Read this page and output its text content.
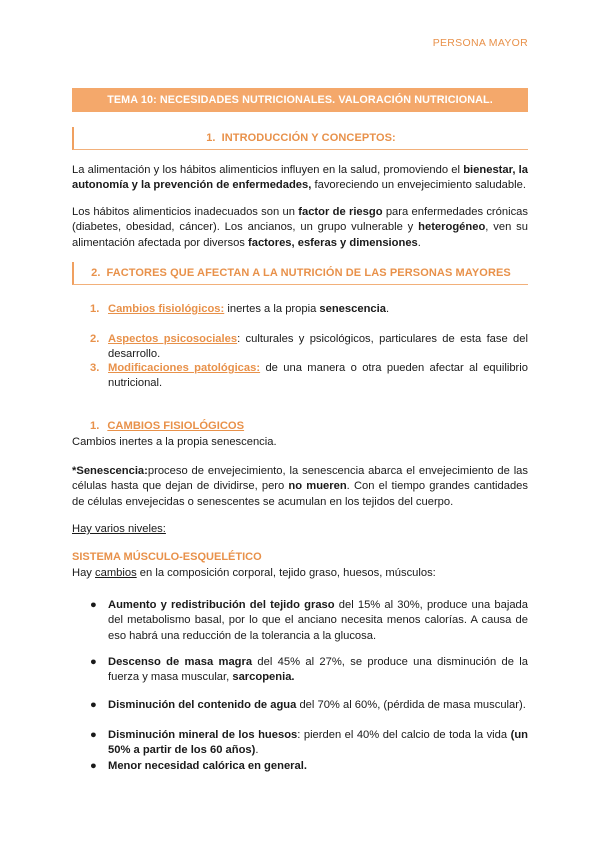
PERSONA MAYOR
TEMA 10: NECESIDADES NUTRICIONALES. VALORACIÓN NUTRICIONAL.
1. INTRODUCCIÓN Y CONCEPTOS:

La alimentación y los hábitos alimenticios influyen en la salud, promoviendo el bienestar, la autonomía y la prevención de enfermedades, favoreciendo un envejecimiento saludable.

Los hábitos alimenticios inadecuados son un factor de riesgo para enfermedades crónicas (diabetes, obesidad, cáncer). Los ancianos, un grupo vulnerable y heterogéneo, ven su alimentación afectada por diversos factores, esferas y dimensiones.

2. FACTORES QUE AFECTAN A LA NUTRICIÓN DE LAS PERSONAS MAYORES
1. Cambios fisiológicos: inertes a la propia senescencia.
2. Aspectos psicosociales: culturales y psicológicos, particulares de esta fase del desarrollo.
3. Modificaciones patológicas: de una manera o otra pueden afectar al equilibrio nutricional.
1. CAMBIOS FISIOLÓGICOS

Cambios inertes a la propia senescencia.

*Senescencia:proceso de envejecimiento, la senescencia abarca el envejecimiento de las células hasta que dejan de dividirse, pero no mueren. Con el tiempo grandes cantidades de células envejecidas o senescentes se acumulan en los tejidos del cuerpo.

Hay varios niveles:

SISTEMA MÚSCULO-ESQUELÉTICO

Hay cambios en la composición corporal, tejido graso, huesos, músculos:

● Aumento y redistribución del tejido graso del 15% al 30%, produce una bajada del metabolismo basal, por lo que el anciano necesita menos calorías. A causa de eso habrá una reducción de la tolerancia a la glucosa.
● Descenso de masa magra del 45% al 27%, se produce una disminución de la fuerza y masa muscular, sarcopenia.
● Disminución del contenido de agua del 70% al 60%, (pérdida de masa muscular).
● Disminución mineral de los huesos: pierden el 40% del calcio de toda la vida (un 50% a partir de los 60 años).
● Menor necesidad calórica en general.
